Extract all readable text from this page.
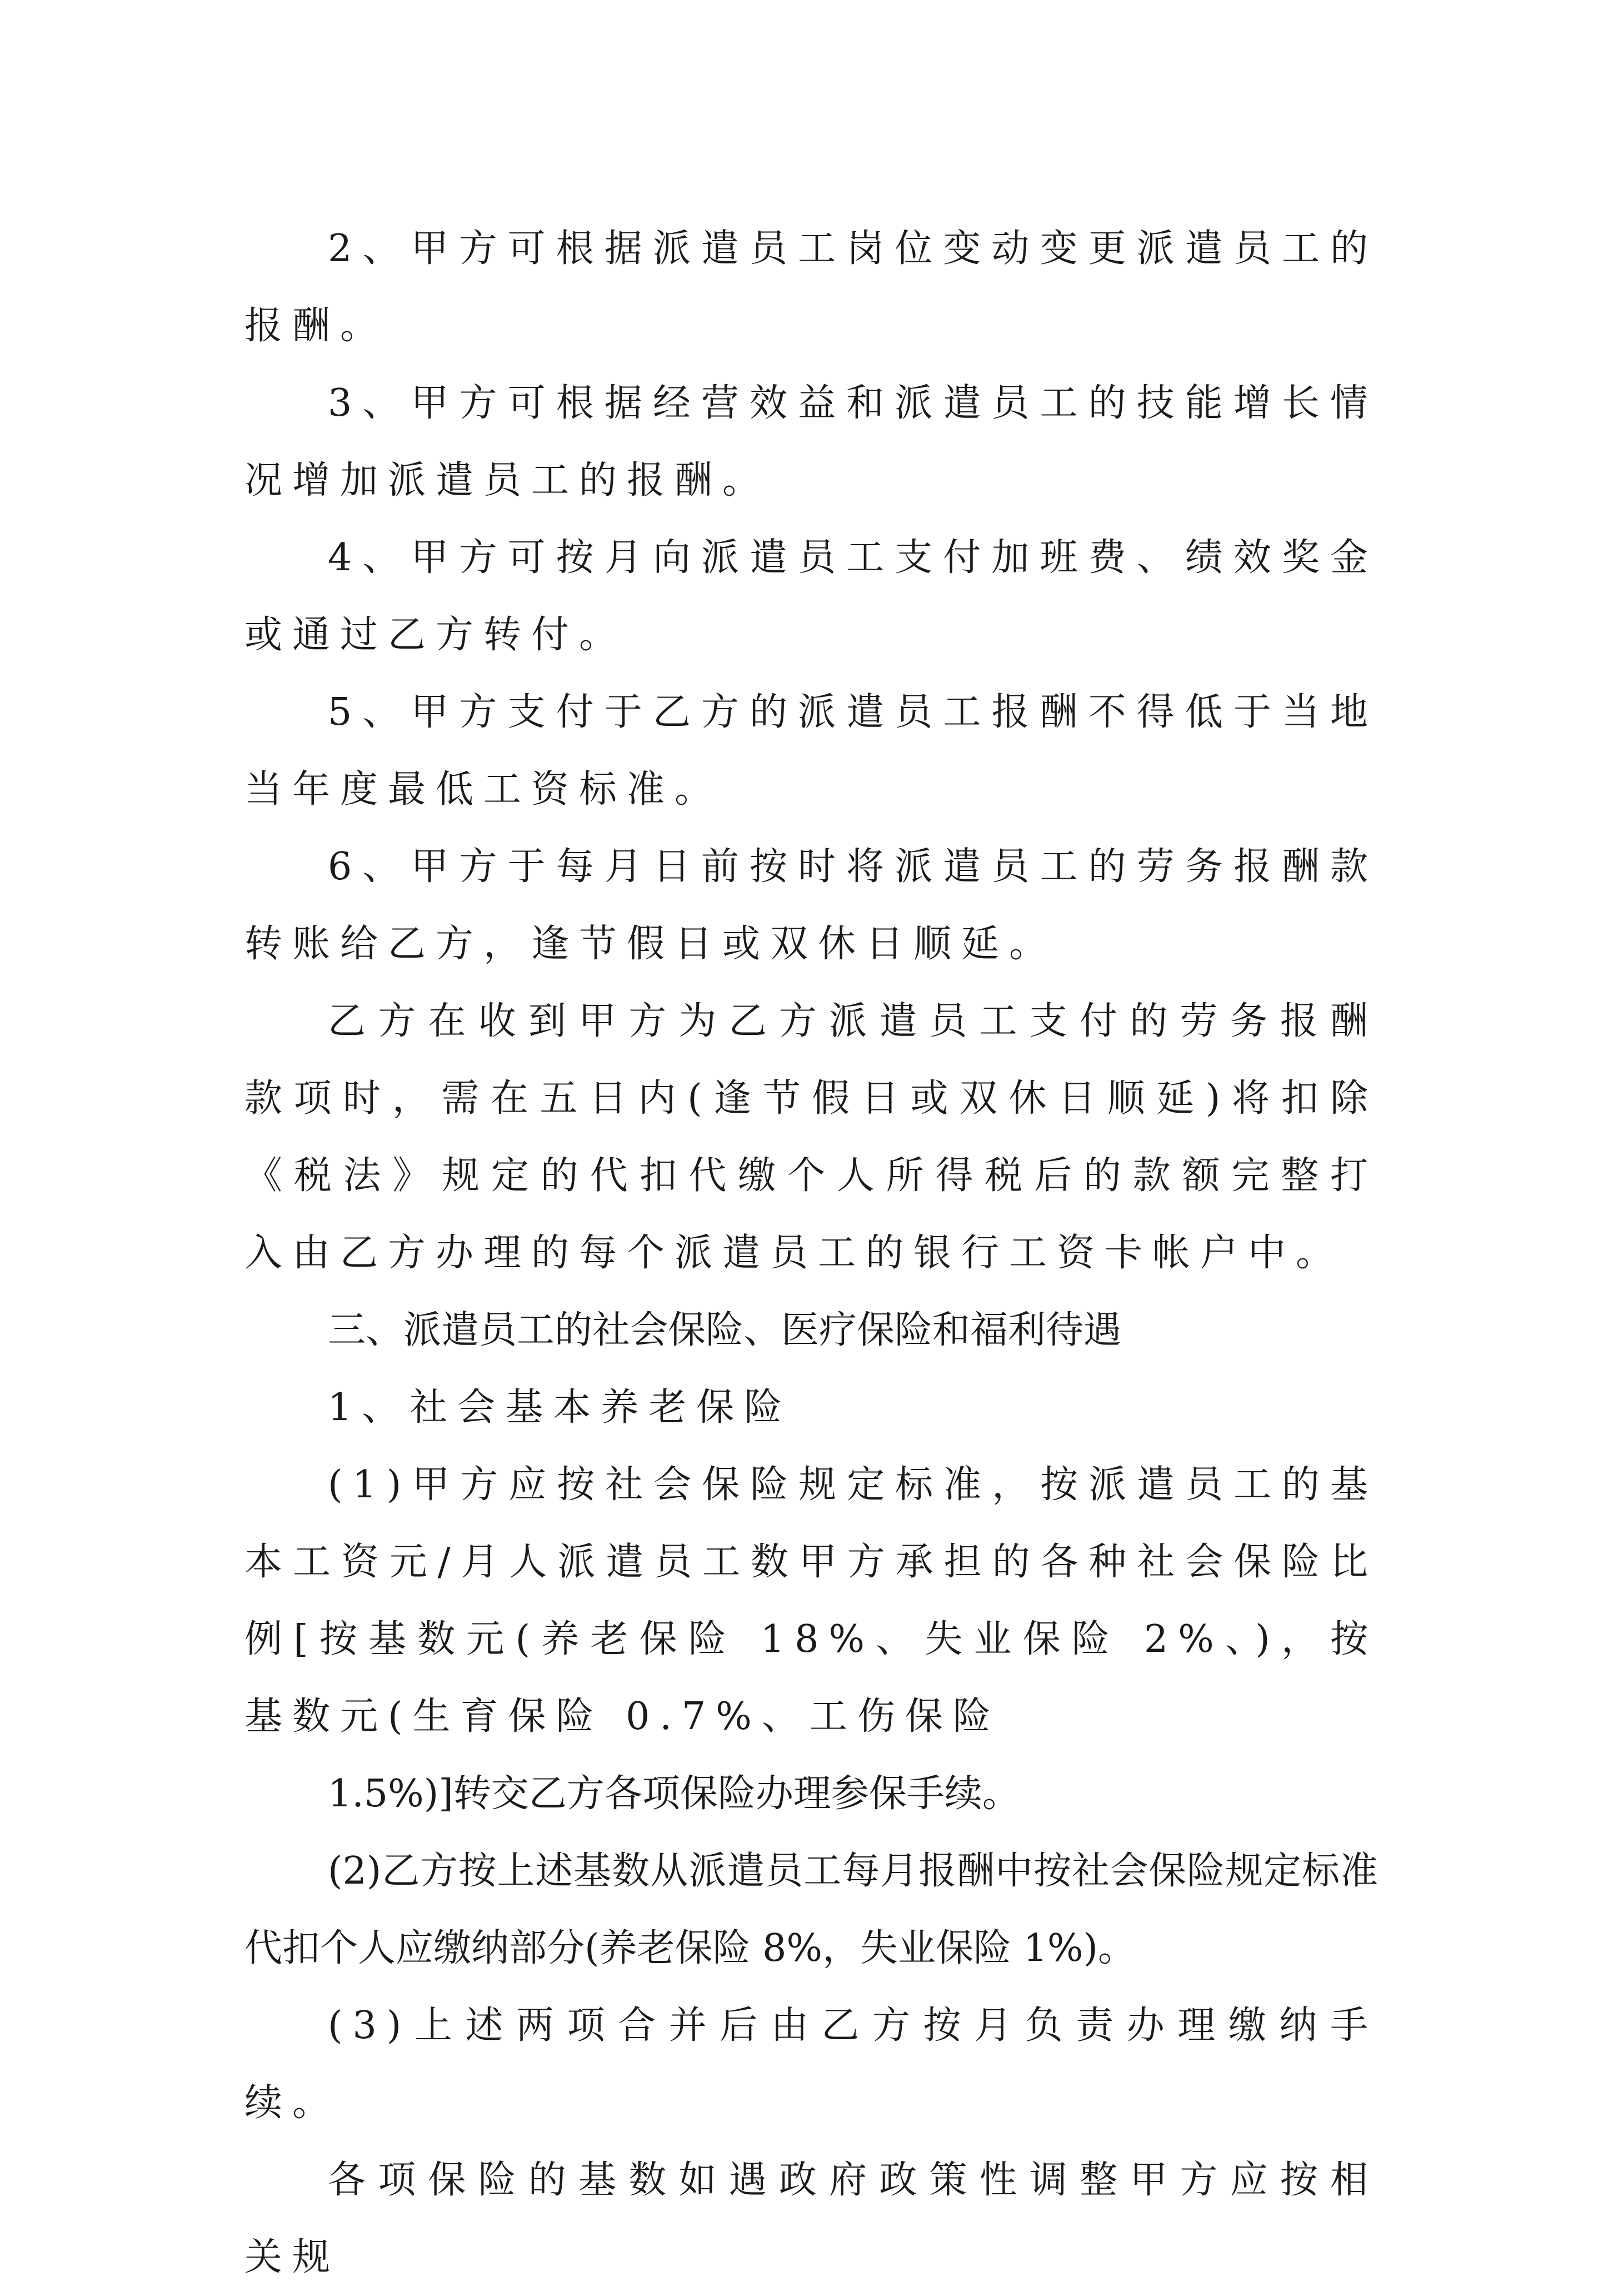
2、甲方可根据派遣员工岗位变动变更派遣员工的报酬。

3、甲方可根据经营效益和派遣员工的技能增长情况增加派遣员工的报酬。

4、甲方可按月向派遣员工支付加班费、绩效奖金或通过乙方转付。

5、甲方支付于乙方的派遣员工报酬不得低于当地当年度最低工资标准。

6、甲方于每月日前按时将派遣员工的劳务报酬款转账给乙方，逢节假日或双休日顺延。

乙方在收到甲方为乙方派遣员工支付的劳务报酬款项时，需在五日内(逢节假日或双休日顺延)将扣除《税法》规定的代扣代缴个人所得税后的款额完整打入由乙方办理的每个派遣员工的银行工资卡帐户中。

三、派遣员工的社会保险、医疗保险和福利待遇

1、社会基本养老保险

(1)甲方应按社会保险规定标准，按派遣员工的基本工资元/月人派遣员工数甲方承担的各种社会保险比例[按基数元(养老保险 18%、失业保险 2%、)，按基数元(生育保险 0.7%、工伤保险

1.5%)]转交乙方各项保险办理参保手续。

(2)乙方按上述基数从派遣员工每月报酬中按社会保险规定标准代扣个人应缴纳部分(养老保险 8%，失业保险 1%)。

(3)上述两项合并后由乙方按月负责办理缴纳手续。

各项保险的基数如遇政府政策性调整甲方应按相关规
